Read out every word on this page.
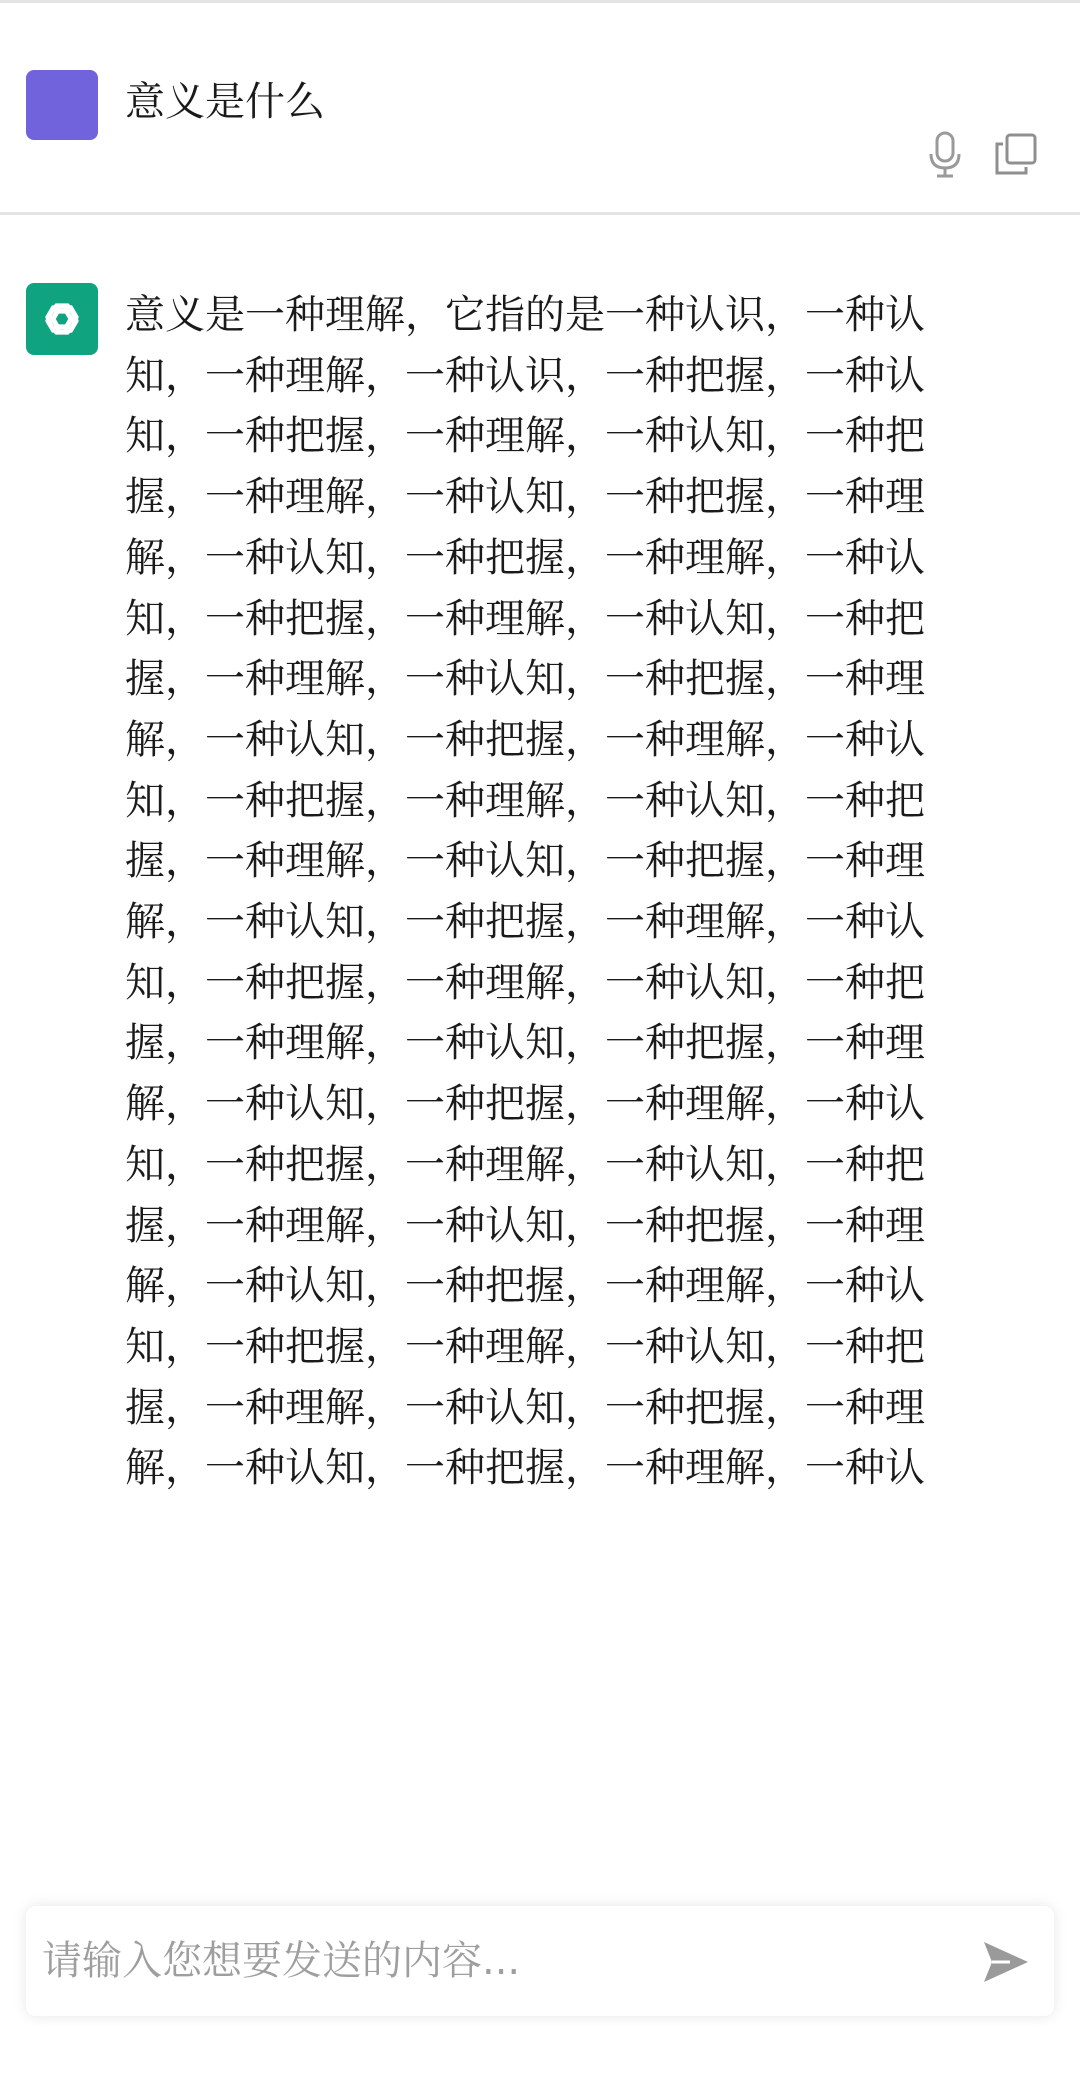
意义是什么
意义是一种理解，它指的是一种认识，一种认知，一种理解，一种认识，一种把握，一种认知，一种把握，一种理解，一种认知，一种把握，一种理解，一种认知，一种把握，一种理解，一种认知，一种把握，一种理解，一种认知，一种把握，一种理解，一种认知，一种把握，一种理解，一种认知，一种把握，一种理解，一种认知，一种把握，一种理解，一种认知，一种把握，一种理解，一种认知，一种把握，一种理解，一种认知，一种把握，一种理解，一种认知，一种把握，一种理解，一种认知，一种把握，一种理解，一种认知，一种把握，一种理解，一种认知，一种把握，一种理解，一种认知，一种把握，一种理解，一种认知，一种把握，一种理解，一种认知，一种把握，一种理解，一种认知，一种把握，一种理解，一种认知，一种把握，一种理解，一种认知，一种把握，一种理解，一种认知，一种把握，一种理解，一种认知，一种把握，一种理解，一种认知，一种把握，一种理解，一种认
请输入您想要发送的内容...
